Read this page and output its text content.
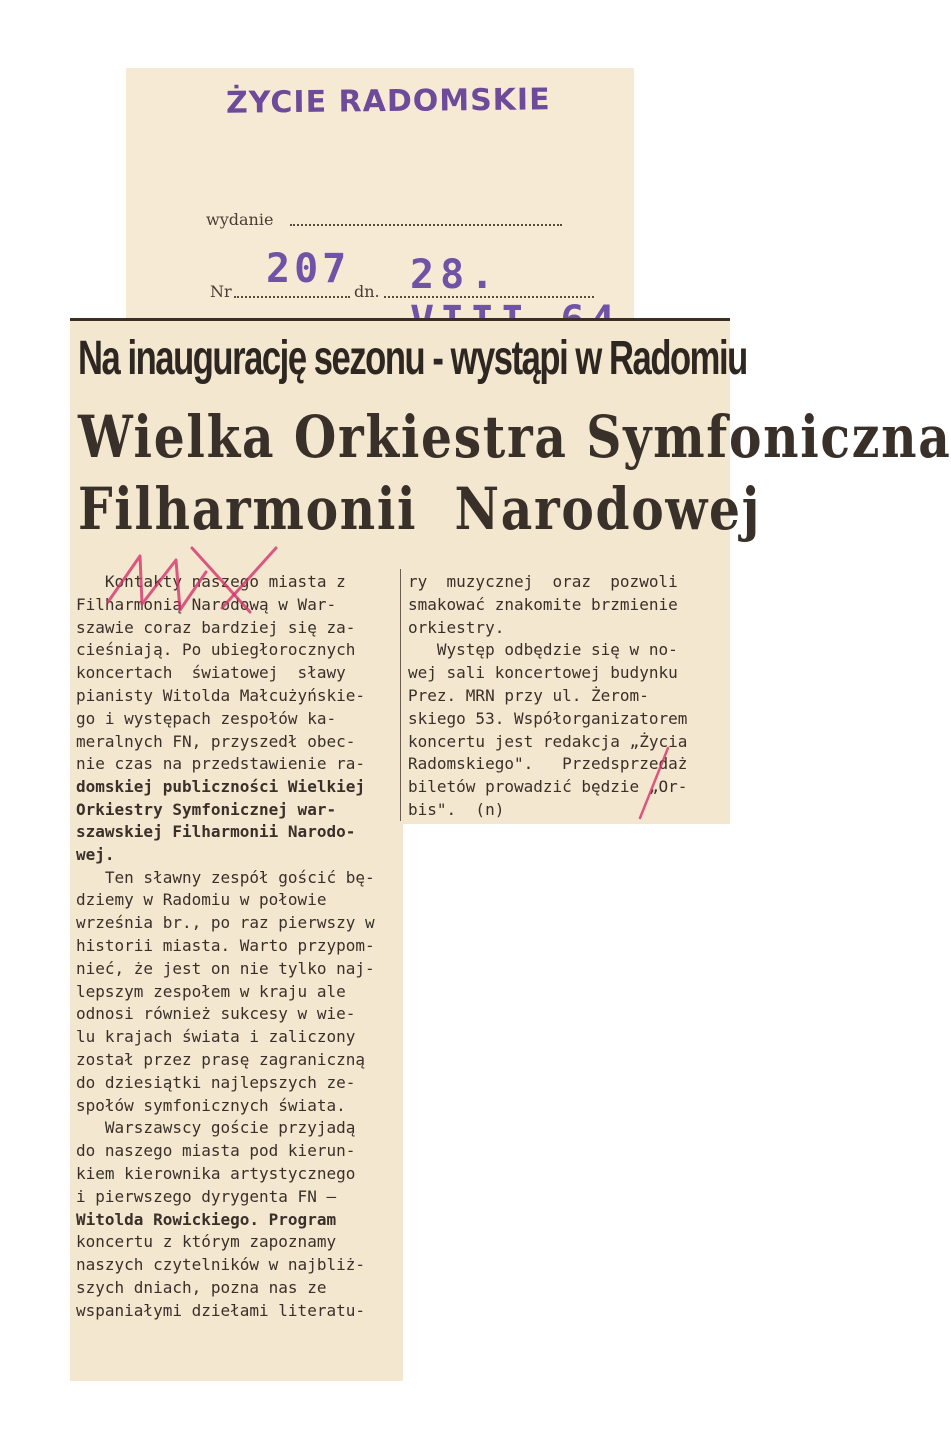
ŻYCIE RADOMSKIE
wydanie
Nr 207 dn. 28.
Na inaugurację sezonu - wystąpi w Radomiu
Wielka Orkiestra Symfoniczna
Filharmonii  Narodowej
Kontakty naszego miasta z
Filharmonią Narodową w War-
szawie coraz bardziej się za-
cieśniają. Po ubiegłorocznych
koncertach  światowej  sławy
pianisty Witolda Małcużyńskie-
go i występach zespołów ka-
meralnych FN, przyszedł obec-
nie czas na przedstawienie ra-
domskiej publiczności Wielkiej
Orkiestry Symfonicznej war-
ry  muzycznej  oraz  pozwoli
smakować znakomite brzmienie
orkiestry.
Występ odbędzie się w no-
wej sali koncertowej budynku
Prez. MRN przy ul. Żerom-
skiego 53. Współorganizatorem
koncertu jest redakcja „Życia
Radomskiego".   Przedsprzedaż
biletów prowadzić będzie „Or-
bis".  (n)
szawskiej Filharmonii Narodo-
wej.
Ten sławny zespół gościć bę-
dziemy w Radomiu w połowie
września br., po raz pierwszy w
historii miasta. Warto przypom-
nieć, że jest on nie tylko naj-
lepszym zespołem w kraju ale
odnosi również sukcesy w wie-
lu krajach świata i zaliczony
został przez prasę zagraniczną
do dziesiątki najlepszych ze-
społów symfonicznych świata.
Warszawscy goście przyjadą
do naszego miasta pod kierun-
kiem kierownika artystycznego
i pierwszego dyrygenta FN —
Witolda Rowickiego. Program
koncertu z którym zapoznamy
naszych czytelników w najbliż-
szych dniach, pozna nas ze
wspaniałymi dziełami literatu-
